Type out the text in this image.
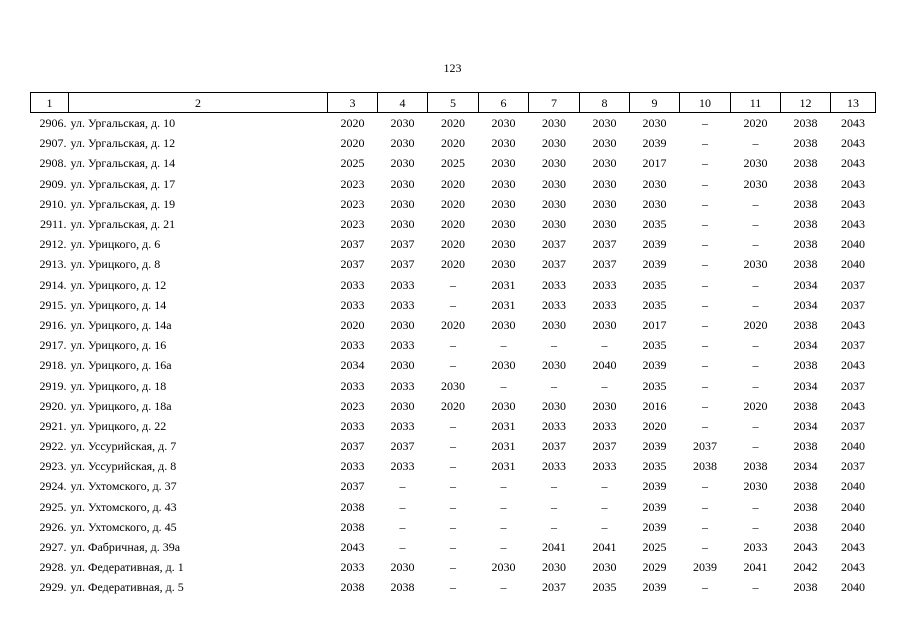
123
1	2	3	4	5	6	7	8	9	10	11	12	13
2906.	ул. Ургальская, д. 10	2020	2030	2020	2030	2030	2030	2030	–	2020	2038	2043
2907.	ул. Ургальская, д. 12	2020	2030	2020	2030	2030	2030	2039	–	–	2038	2043
2908.	ул. Ургальская, д. 14	2025	2030	2025	2030	2030	2030	2017	–	2030	2038	2043
2909.	ул. Ургальская, д. 17	2023	2030	2020	2030	2030	2030	2030	–	2030	2038	2043
2910.	ул. Ургальская, д. 19	2023	2030	2020	2030	2030	2030	2030	–	–	2038	2043
2911.	ул. Ургальская, д. 21	2023	2030	2020	2030	2030	2030	2035	–	–	2038	2043
2912.	ул. Урицкого, д. 6	2037	2037	2020	2030	2037	2037	2039	–	–	2038	2040
2913.	ул. Урицкого, д. 8	2037	2037	2020	2030	2037	2037	2039	–	2030	2038	2040
2914.	ул. Урицкого, д. 12	2033	2033	–	2031	2033	2033	2035	–	–	2034	2037
2915.	ул. Урицкого, д. 14	2033	2033	–	2031	2033	2033	2035	–	–	2034	2037
2916.	ул. Урицкого, д. 14а	2020	2030	2020	2030	2030	2030	2017	–	2020	2038	2043
2917.	ул. Урицкого, д. 16	2033	2033	–	–	–	–	2035	–	–	2034	2037
2918.	ул. Урицкого, д. 16а	2034	2030	–	2030	2030	2040	2039	–	–	2038	2043
2919.	ул. Урицкого, д. 18	2033	2033	2030	–	–	–	2035	–	–	2034	2037
2920.	ул. Урицкого, д. 18а	2023	2030	2020	2030	2030	2030	2016	–	2020	2038	2043
2921.	ул. Урицкого, д. 22	2033	2033	–	2031	2033	2033	2020	–	–	2034	2037
2922.	ул. Уссурийская, д. 7	2037	2037	–	2031	2037	2037	2039	2037	–	2038	2040
2923.	ул. Уссурийская, д. 8	2033	2033	–	2031	2033	2033	2035	2038	2038	2034	2037
2924.	ул. Ухтомского, д. 37	2037	–	–	–	–	–	2039	–	2030	2038	2040
2925.	ул. Ухтомского, д. 43	2038	–	–	–	–	–	2039	–	–	2038	2040
2926.	ул. Ухтомского, д. 45	2038	–	–	–	–	–	2039	–	–	2038	2040
2927.	ул. Фабричная, д. 39а	2043	–	–	–	2041	2041	2025	–	2033	2043	2043
2928.	ул. Федеративная, д. 1	2033	2030	–	2030	2030	2030	2029	2039	2041	2042	2043
2929.	ул. Федеративная, д. 5	2038	2038	–	–	2037	2035	2039	–	–	2038	2040
